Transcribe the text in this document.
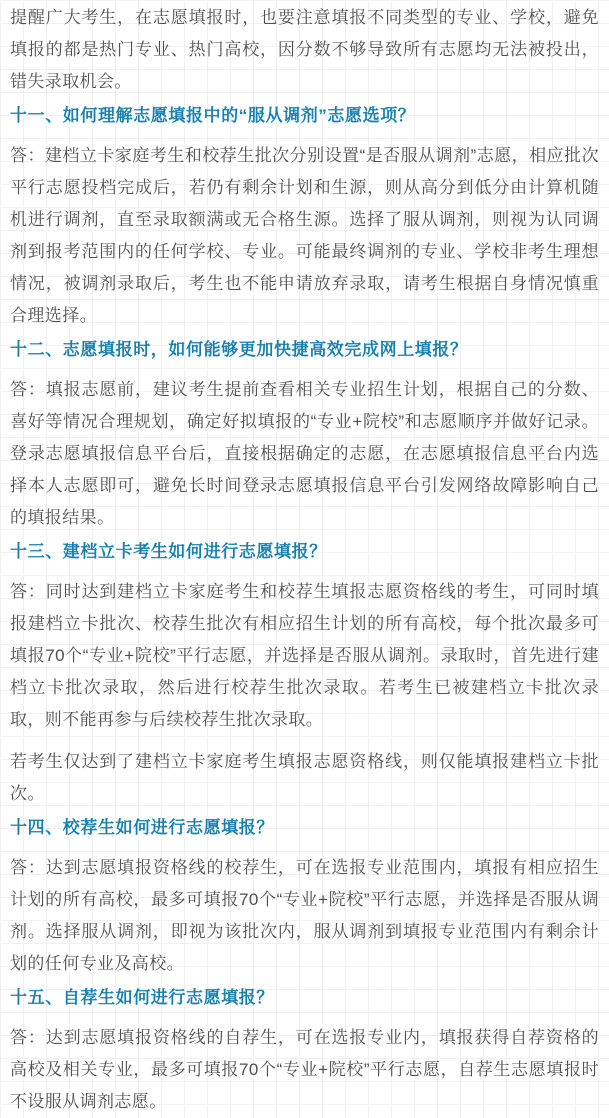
提醒广大考生，在志愿填报时，也要注意填报不同类型的专业、学校，避免填报的都是热门专业、热门高校，因分数不够导致所有志愿均无法被投出，错失录取机会。

十一、如何理解志愿填报中的“服从调剂”志愿选项？

答：建档立卡家庭考生和校荐生批次分别设置“是否服从调剂”志愿，相应批次平行志愿投档完成后，若仍有剩余计划和生源，则从高分到低分由计算机随机进行调剂，直至录取额满或无合格生源。选择了服从调剂，则视为认同调剂到报考范围内的任何学校、专业。可能最终调剂的专业、学校非考生理想情况，被调剂录取后，考生也不能申请放弃录取，请考生根据自身情况慎重合理选择。

十二、志愿填报时，如何能够更加快捷高效完成网上填报？

答：填报志愿前，建议考生提前查看相关专业招生计划，根据自己的分数、喜好等情况合理规划，确定好拟填报的“专业+院校”和志愿顺序并做好记录。登录志愿填报信息平台后，直接根据确定的志愿，在志愿填报信息平台内选择本人志愿即可，避免长时间登录志愿填报信息平台引发网络故障影响自己的填报结果。

十三、建档立卡考生如何进行志愿填报？

答：同时达到建档立卡家庭考生和校荐生填报志愿资格线的考生，可同时填报建档立卡批次、校荐生批次有相应招生计划的所有高校，每个批次最多可填报70个“专业+院校”平行志愿，并选择是否服从调剂。录取时，首先进行建档立卡批次录取，然后进行校荐生批次录取。若考生已被建档立卡批次录取，则不能再参与后续校荐生批次录取。

若考生仅达到了建档立卡家庭考生填报志愿资格线，则仅能填报建档立卡批次。

十四、校荐生如何进行志愿填报？

答：达到志愿填报资格线的校荐生，可在选报专业范围内，填报有相应招生计划的所有高校，最多可填报70个“专业+院校”平行志愿，并选择是否服从调剂。选择服从调剂，即视为该批次内，服从调剂到填报专业范围内有剩余计划的任何专业及高校。

十五、自荐生如何进行志愿填报？

答：达到志愿填报资格线的自荐生，可在选报专业内，填报获得自荐资格的高校及相关专业，最多可填报70个“专业+院校”平行志愿，自荐生志愿填报时不设服从调剂志愿。
